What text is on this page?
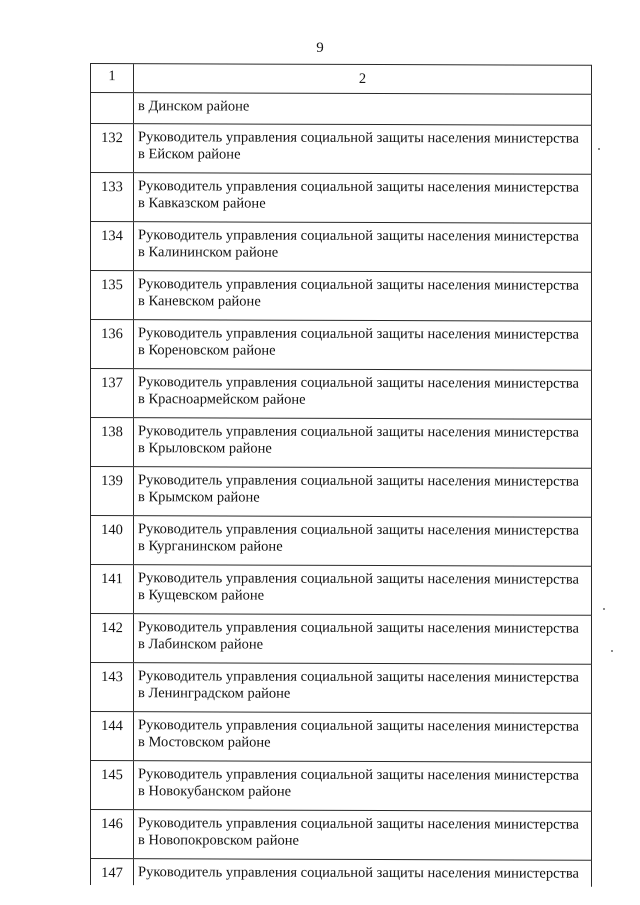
9
1	2
в Динском районе
132	Руководитель управления социальной защиты населения министерства
в Ейском районе
133	Руководитель управления социальной защиты населения министерства
в Кавказском районе
134	Руководитель управления социальной защиты населения министерства
в Калининском районе
135	Руководитель управления социальной защиты населения министерства
в Каневском районе
136	Руководитель управления социальной защиты населения министерства
в Кореновском районе
137	Руководитель управления социальной защиты населения министерства
в Красноармейском районе
138	Руководитель управления социальной защиты населения министерства
в Крыловском районе
139	Руководитель управления социальной защиты населения министерства
в Крымском районе
140	Руководитель управления социальной защиты населения министерства
в Курганинском районе
141	Руководитель управления социальной защиты населения министерства
в Кущевском районе
142	Руководитель управления социальной защиты населения министерства
в Лабинском районе
143	Руководитель управления социальной защиты населения министерства
в Ленинградском районе
144	Руководитель управления социальной защиты населения министерства
в Мостовском районе
145	Руководитель управления социальной защиты населения министерства
в Новокубанском районе
146	Руководитель управления социальной защиты населения министерства
в Новопокровском районе
147	Руководитель управления социальной защиты населения министерства
